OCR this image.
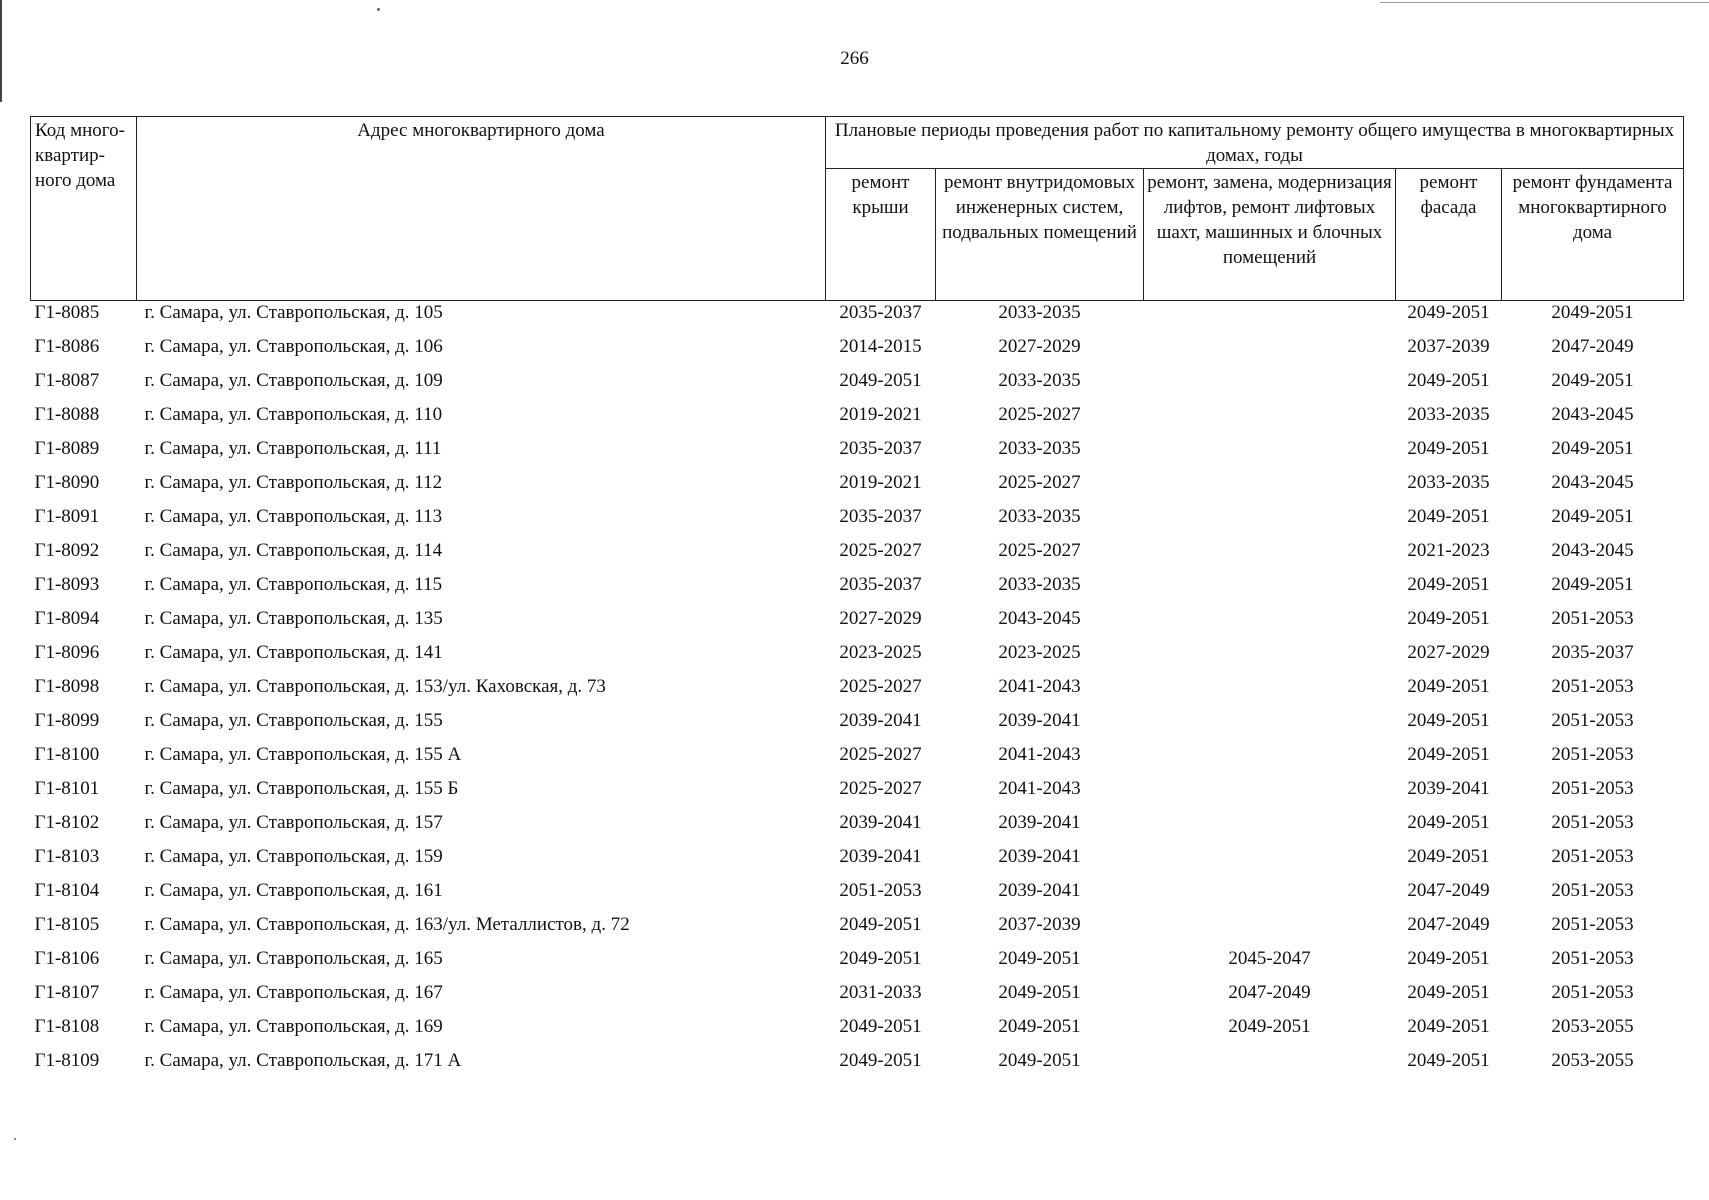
266
Код много-квартир-ного дома	Адрес многоквартирного дома	Плановые периоды проведения работ по капитальному ремонту общего имущества в многоквартирных домах, годы				
		ремонт крыши	ремонт внутридомовых инженерных систем, подвальных помещений	ремонт, замена, модернизация лифтов, ремонт лифтовых шахт, машинных и блочных помещений	ремонт фасада	ремонт фундамента многоквартирного дома
Г1-8085	г. Самара, ул. Ставропольская, д. 105	2035-2037	2033-2035		2049-2051	2049-2051
Г1-8086	г. Самара, ул. Ставропольская, д. 106	2014-2015	2027-2029		2037-2039	2047-2049
Г1-8087	г. Самара, ул. Ставропольская, д. 109	2049-2051	2033-2035		2049-2051	2049-2051
Г1-8088	г. Самара, ул. Ставропольская, д. 110	2019-2021	2025-2027		2033-2035	2043-2045
Г1-8089	г. Самара, ул. Ставропольская, д. 111	2035-2037	2033-2035		2049-2051	2049-2051
Г1-8090	г. Самара, ул. Ставропольская, д. 112	2019-2021	2025-2027		2033-2035	2043-2045
Г1-8091	г. Самара, ул. Ставропольская, д. 113	2035-2037	2033-2035		2049-2051	2049-2051
Г1-8092	г. Самара, ул. Ставропольская, д. 114	2025-2027	2025-2027		2021-2023	2043-2045
Г1-8093	г. Самара, ул. Ставропольская, д. 115	2035-2037	2033-2035		2049-2051	2049-2051
Г1-8094	г. Самара, ул. Ставропольская, д. 135	2027-2029	2043-2045		2049-2051	2051-2053
Г1-8096	г. Самара, ул. Ставропольская, д. 141	2023-2025	2023-2025		2027-2029	2035-2037
Г1-8098	г. Самара, ул. Ставропольская, д. 153/ул. Каховская, д. 73	2025-2027	2041-2043		2049-2051	2051-2053
Г1-8099	г. Самара, ул. Ставропольская, д. 155	2039-2041	2039-2041		2049-2051	2051-2053
Г1-8100	г. Самара, ул. Ставропольская, д. 155 А	2025-2027	2041-2043		2049-2051	2051-2053
Г1-8101	г. Самара, ул. Ставропольская, д. 155 Б	2025-2027	2041-2043		2039-2041	2051-2053
Г1-8102	г. Самара, ул. Ставропольская, д. 157	2039-2041	2039-2041		2049-2051	2051-2053
Г1-8103	г. Самара, ул. Ставропольская, д. 159	2039-2041	2039-2041		2049-2051	2051-2053
Г1-8104	г. Самара, ул. Ставропольская, д. 161	2051-2053	2039-2041		2047-2049	2051-2053
Г1-8105	г. Самара, ул. Ставропольская, д. 163/ул. Металлистов, д. 72	2049-2051	2037-2039		2047-2049	2051-2053
Г1-8106	г. Самара, ул. Ставропольская, д. 165	2049-2051	2049-2051	2045-2047	2049-2051	2051-2053
Г1-8107	г. Самара, ул. Ставропольская, д. 167	2031-2033	2049-2051	2047-2049	2049-2051	2051-2053
Г1-8108	г. Самара, ул. Ставропольская, д. 169	2049-2051	2049-2051	2049-2051	2049-2051	2053-2055
Г1-8109	г. Самара, ул. Ставропольская, д. 171 А	2049-2051	2049-2051		2049-2051	2053-2055
